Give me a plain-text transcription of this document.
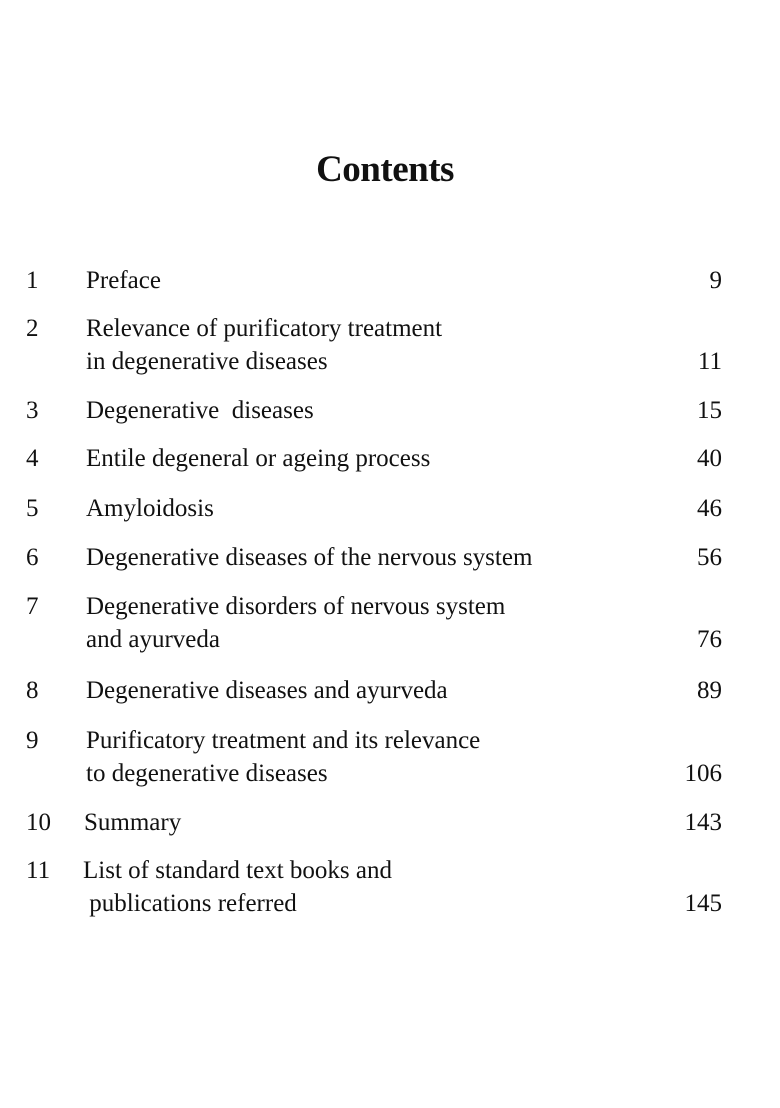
Contents
1 Preface	9
2 Relevance of purificatory treatment
in degenerative diseases	11
3 Degenerative  diseases	15
4 Entile degeneral or ageing process	40
5 Amyloidosis	46
6 Degenerative diseases of the nervous system	56
7 Degenerative disorders of nervous system
and ayurveda	76
8 Degenerative diseases and ayurveda	89
9 Purificatory treatment and its relevance
to degenerative diseases	106
10 Summary	143
11 List of standard text books and
publications referred	145
